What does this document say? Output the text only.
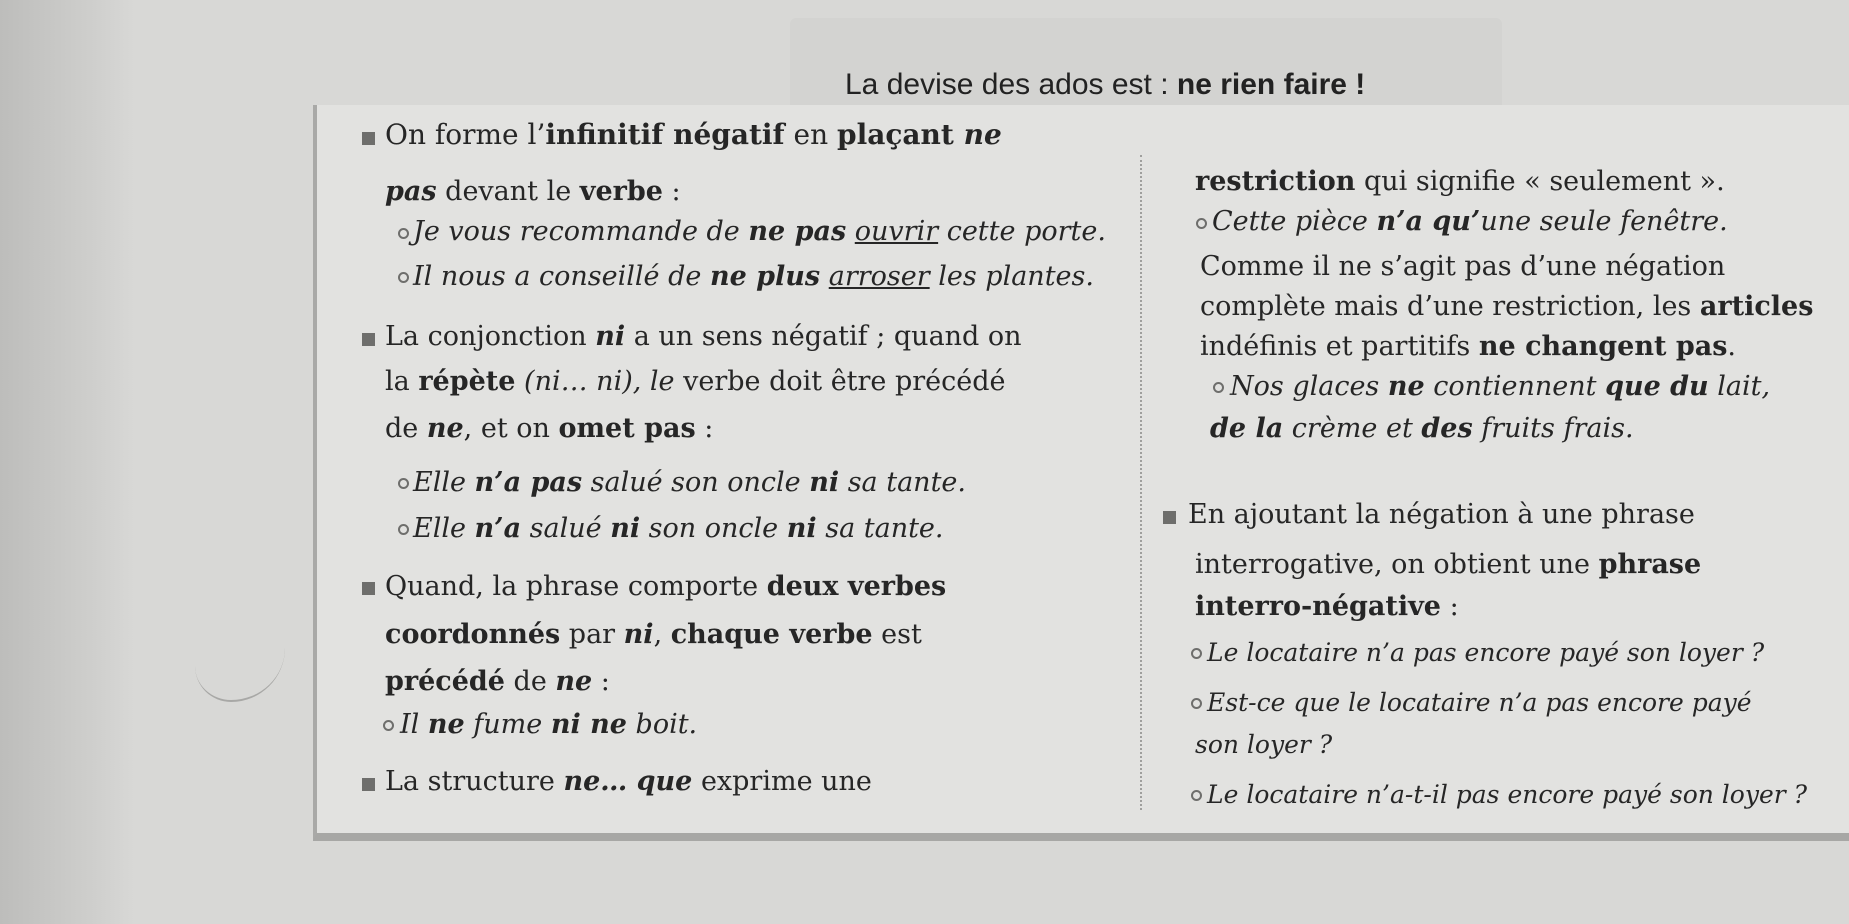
La devise des ados est : ne rien faire !
On forme l’infinitif négatif en plaçant ne
pas devant le verbe :
Je vous recommande de ne pas ouvrir cette porte.
Il nous a conseillé de ne plus arroser les plantes.
La conjonction ni a un sens négatif ; quand on
la répète (ni… ni), le verbe doit être précédé
de ne, et on omet pas :
Elle n’a pas salué son oncle ni sa tante.
Elle n’a salué ni son oncle ni sa tante.
Quand, la phrase comporte deux verbes
coordonnés par ni, chaque verbe est
précédé de ne :
Il ne fume ni ne boit.
La structure ne… que exprime une
restriction qui signifie « seulement ».
Cette pièce n’a qu’une seule fenêtre.
Comme il ne s’agit pas d’une négation
complète mais d’une restriction, les articles
indéfinis et partitifs ne changent pas.
Nos glaces ne contiennent que du lait,
de la crème et des fruits frais.
En ajoutant la négation à une phrase
interrogative, on obtient une phrase
interro-négative :
Le locataire n’a pas encore payé son loyer ?
Est-ce que le locataire n’a pas encore payé
son loyer ?
Le locataire n’a-t-il pas encore payé son loyer ?
